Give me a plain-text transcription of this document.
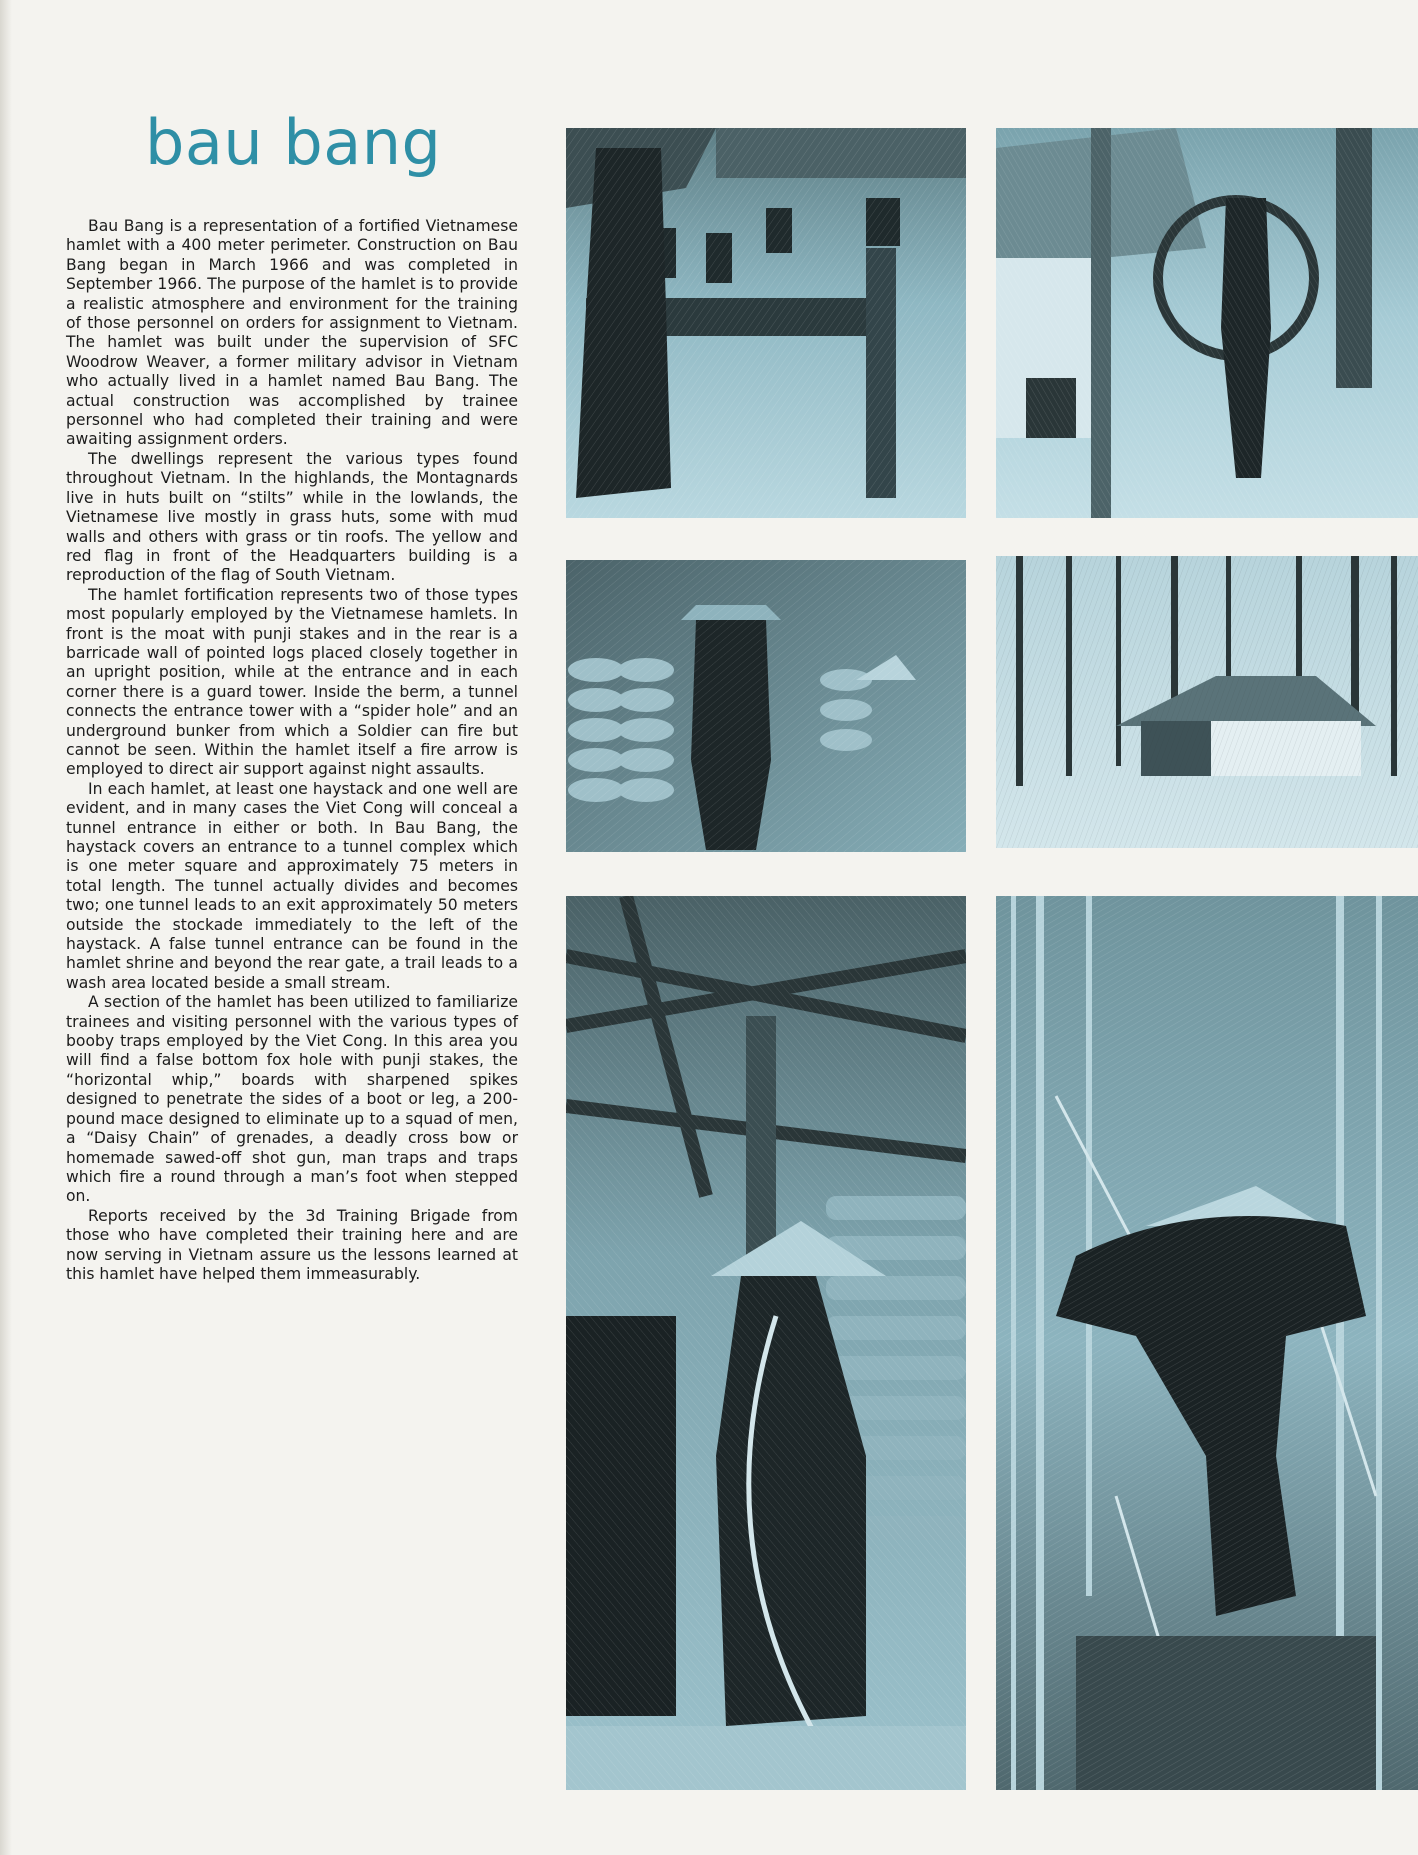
bau bang

Bau Bang is a representation of a fortified Vietnamese hamlet with a 400 meter perimeter. Construction on Bau Bang began in March 1966 and was completed in September 1966. The purpose of the hamlet is to provide a realistic atmosphere and environment for the training of those personnel on orders for assignment to Vietnam. The hamlet was built under the supervision of SFC Woodrow Weaver, a former military advisor in Vietnam who actually lived in a hamlet named Bau Bang. The actual construction was accomplished by trainee personnel who had completed their training and were awaiting assignment orders.

The dwellings represent the various types found throughout Vietnam. In the highlands, the Montagnards live in huts built on “stilts” while in the lowlands, the Vietnamese live mostly in grass huts, some with mud walls and others with grass or tin roofs. The yellow and red flag in front of the Headquarters building is a reproduction of the flag of South Vietnam.

The hamlet fortification represents two of those types most popularly employed by the Vietnamese hamlets. In front is the moat with punji stakes and in the rear is a barricade wall of pointed logs placed closely together in an upright position, while at the entrance and in each corner there is a guard tower. Inside the berm, a tunnel connects the entrance tower with a “spider hole” and an underground bunker from which a Soldier can fire but cannot be seen. Within the hamlet itself a fire arrow is employed to direct air support against night assaults.

In each hamlet, at least one haystack and one well are evident, and in many cases the Viet Cong will conceal a tunnel entrance in either or both. In Bau Bang, the haystack covers an entrance to a tunnel complex which is one meter square and approximately 75 meters in total length. The tunnel actually divides and becomes two; one tunnel leads to an exit approximately 50 meters outside the stockade immediately to the left of the haystack. A false tunnel entrance can be found in the hamlet shrine and beyond the rear gate, a trail leads to a wash area located beside a small stream.

A section of the hamlet has been utilized to familiarize trainees and visiting personnel with the various types of booby traps employed by the Viet Cong. In this area you will find a false bottom fox hole with punji stakes, the “horizontal whip,” boards with sharpened spikes designed to penetrate the sides of a boot or leg, a 200-pound mace designed to eliminate up to a squad of men, a “Daisy Chain” of grenades, a deadly cross bow or homemade sawed-off shot gun, man traps and traps which fire a round through a man’s foot when stepped on.

Reports received by the 3d Training Brigade from those who have completed their training here and are now serving in Vietnam assure us the lessons learned at this hamlet have helped them immeasurably.
